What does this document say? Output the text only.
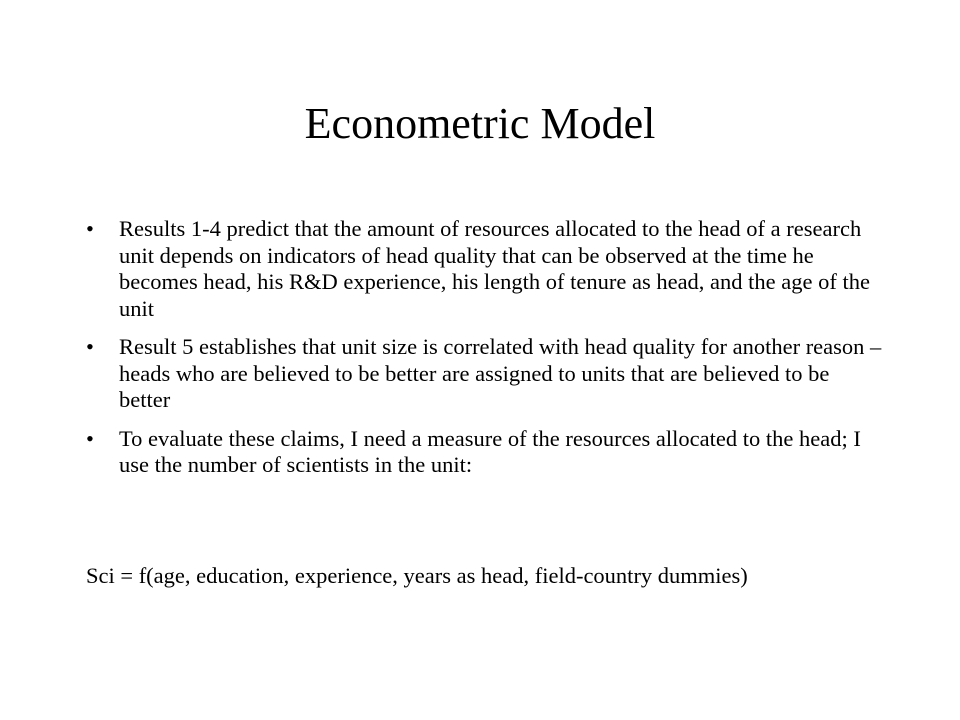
Econometric Model
• Results 1-4 predict that the amount of resources allocated to the head of a research unit depends on indicators of head quality that can be observed at the time he becomes head, his R&D experience, his length of tenure as head, and the age of the unit
• Result 5 establishes that unit size is correlated with head quality for another reason – heads who are believed to be better are assigned to units that are believed to be better
• To evaluate these claims, I need a measure of the resources allocated to the head; I use the number of scientists in the unit:
Sci = f(age, education, experience, years as head, field-country dummies)
